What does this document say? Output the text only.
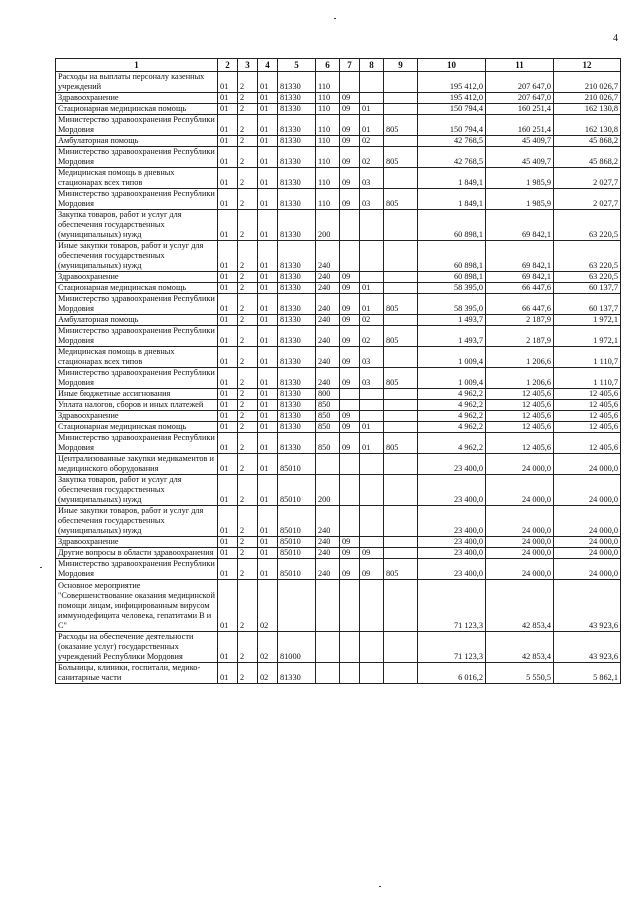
4
1	2	3	4	5	6	7	8	9	10	11	12
Расходы на выплаты персоналу казенных учреждений	01	2	01	81330	110				195 412,0	207 647,0	210 026,7
Здравоохранение	01	2	01	81330	110	09			195 412,0	207 647,0	210 026,7
Стационарная медицинская помощь	01	2	01	81330	110	09	01		150 794,4	160 251,4	162 130,8
Министерство здравоохранения Республики Мордовия	01	2	01	81330	110	09	01	805	150 794,4	160 251,4	162 130,8
Амбулаторная помощь	01	2	01	81330	110	09	02		42 768,5	45 409,7	45 868,2
Министерство здравоохранения Республики Мордовия	01	2	01	81330	110	09	02	805	42 768,5	45 409,7	45 868,2
Медицинская помощь в дневных стационарах всех типов	01	2	01	81330	110	09	03		1 849,1	1 985,9	2 027,7
Министерство здравоохранения Республики Мордовия	01	2	01	81330	110	09	03	805	1 849,1	1 985,9	2 027,7
Закупка товаров, работ и услуг для обеспечения государственных (муниципальных) нужд	01	2	01	81330	200				60 898,1	69 842,1	63 220,5
Иные закупки товаров, работ и услуг для обеспечения государственных (муниципальных) нужд	01	2	01	81330	240				60 898,1	69 842,1	63 220,5
Здравоохранение	01	2	01	81330	240	09			60 898,1	69 842,1	63 220,5
Стационарная медицинская помощь	01	2	01	81330	240	09	01		58 395,0	66 447,6	60 137,7
Министерство здравоохранения Республики Мордовия	01	2	01	81330	240	09	01	805	58 395,0	66 447,6	60 137,7
Амбулаторная помощь	01	2	01	81330	240	09	02		1 493,7	2 187,9	1 972,1
Министерство здравоохранения Республики Мордовия	01	2	01	81330	240	09	02	805	1 493,7	2 187,9	1 972,1
Медицинская помощь в дневных стационарах всех типов	01	2	01	81330	240	09	03		1 009,4	1 206,6	1 110,7
Министерство здравоохранения Республики Мордовия	01	2	01	81330	240	09	03	805	1 009,4	1 206,6	1 110,7
Иные бюджетные ассигнования	01	2	01	81330	800				4 962,2	12 405,6	12 405,6
Уплата налогов, сборов и иных платежей	01	2	01	81330	850				4 962,2	12 405,6	12 405,6
Здравоохранение	01	2	01	81330	850	09			4 962,2	12 405,6	12 405,6
Стационарная медицинская помощь	01	2	01	81330	850	09	01		4 962,2	12 405,6	12 405,6
Министерство здравоохранения Республики Мордовия	01	2	01	81330	850	09	01	805	4 962,2	12 405,6	12 405,6
Централизованные закупки медикаментов и медицинского оборудования	01	2	01	85010					23 400,0	24 000,0	24 000,0
Закупка товаров, работ и услуг для обеспечения государственных (муниципальных) нужд	01	2	01	85010	200				23 400,0	24 000,0	24 000,0
Иные закупки товаров, работ и услуг для обеспечения государственных (муниципальных) нужд	01	2	01	85010	240				23 400,0	24 000,0	24 000,0
Здравоохранение	01	2	01	85010	240	09			23 400,0	24 000,0	24 000,0
Другие вопросы в области здравоохранения	01	2	01	85010	240	09	09		23 400,0	24 000,0	24 000,0
Министерство здравоохранения Республики Мордовия	01	2	01	85010	240	09	09	805	23 400,0	24 000,0	24 000,0
Основное мероприятие "Совершенствование оказания медицинской помощи лицам, инфицированным вирусом иммунодефицита человека, гепатитами В и С"	01	2	02						71 123,3	42 853,4	43 923,6
Расходы на обеспечение деятельности (оказание услуг) государственных учреждений Республики Мордовия	01	2	02	81000					71 123,3	42 853,4	43 923,6
Больницы, клиники, госпитали, медико-санитарные части	01	2	02	81330					6 016,2	5 550,5	5 862,1
